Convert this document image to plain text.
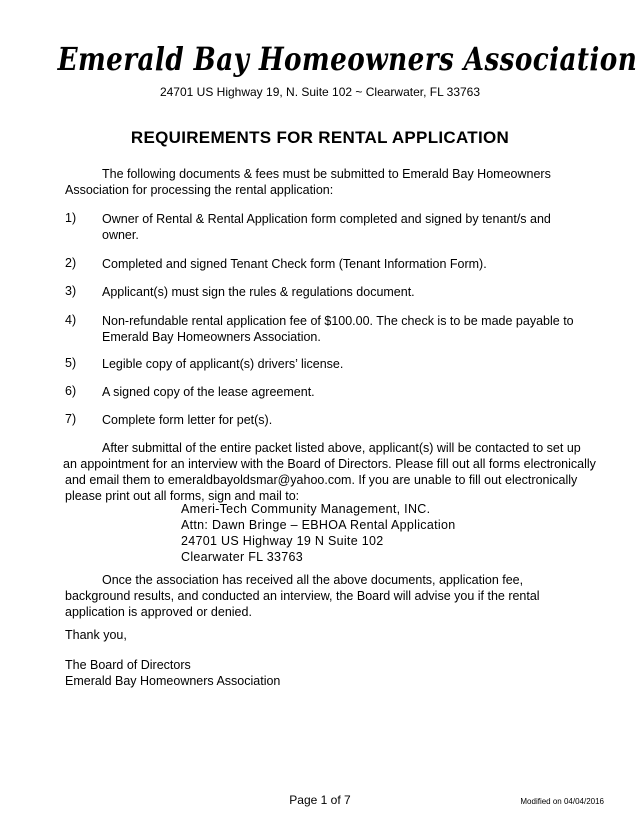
Emerald Bay Homeowners Association
24701 US Highway 19, N. Suite 102 ~ Clearwater, FL 33763
REQUIREMENTS FOR RENTAL APPLICATION
The following documents & fees must be submitted to Emerald Bay Homeowners Association for processing the rental application:
1) Owner of Rental & Rental Application form completed and signed by tenant/s and owner.
2) Completed and signed Tenant Check form (Tenant Information Form).
3) Applicant(s) must sign the rules & regulations document.
4) Non-refundable rental application fee of $100.00. The check is to be made payable to Emerald Bay Homeowners Association.
5) Legible copy of applicant(s) drivers’ license.
6) A signed copy of the lease agreement.
7) Complete form letter for pet(s).
After submittal of the entire packet listed above, applicant(s) will be contacted to set up
an appointment for an interview with the Board of Directors. Please fill out all forms electronically
and email them to emeraldbayoldsmar@yahoo.com. If you are unable to fill out electronically
please print out all forms, sign and mail to:
Ameri-Tech Community Management, INC.
Attn: Dawn Bringe – EBHOA Rental Application
24701 US Highway 19 N Suite 102
Clearwater FL 33763
Once the association has received all the above documents, application fee, background results, and conducted an interview, the Board will advise you if the rental application is approved or denied.
Thank you,
The Board of Directors
Emerald Bay Homeowners Association
Page 1 of 7	Modified on 04/04/2016
